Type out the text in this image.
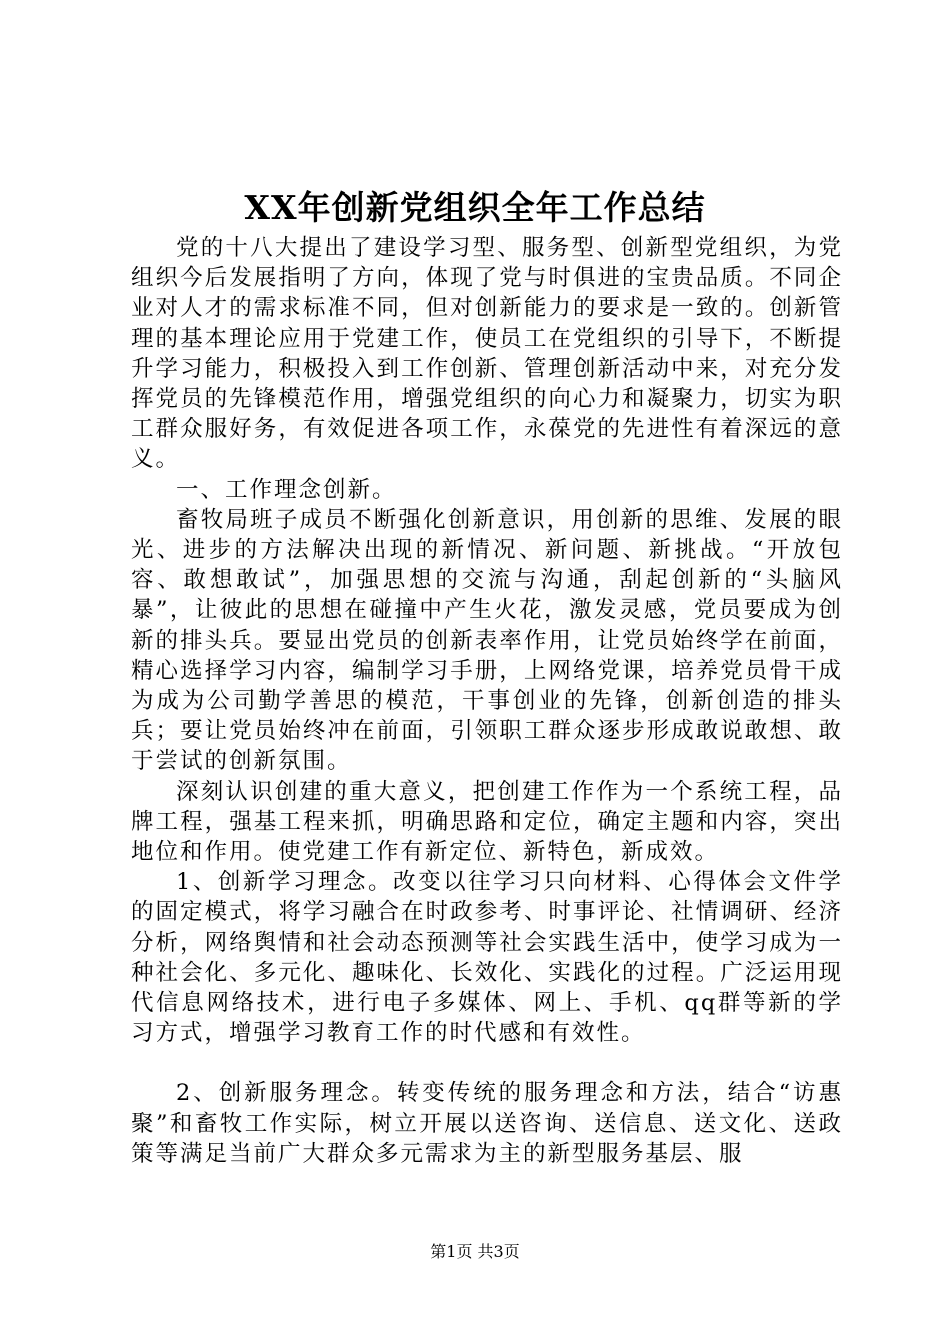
XX年创新党组织全年工作总结

党的十八大提出了建设学习型、服务型、创新型党组织，为党组织今后发展指明了方向，体现了党与时俱进的宝贵品质。不同企业对人才的需求标准不同，但对创新能力的要求是一致的。创新管理的基本理论应用于党建工作，使员工在党组织的引导下，不断提升学习能力，积极投入到工作创新、管理创新活动中来，对充分发挥党员的先锋模范作用，增强党组织的向心力和凝聚力，切实为职工群众服好务，有效促进各项工作，永葆党的先进性有着深远的意义。

一、工作理念创新。

畜牧局班子成员不断强化创新意识，用创新的思维、发展的眼光、进步的方法解决出现的新情况、新问题、新挑战。“开放包容、敢想敢试”，加强思想的交流与沟通，刮起创新的“头脑风暴”，让彼此的思想在碰撞中产生火花，激发灵感，党员要成为创新的排头兵。要显出党员的创新表率作用，让党员始终学在前面，精心选择学习内容，编制学习手册，上网络党课，培养党员骨干成为成为公司勤学善思的模范，干事创业的先锋，创新创造的排头兵；要让党员始终冲在前面，引领职工群众逐步形成敢说敢想、敢于尝试的创新氛围。

深刻认识创建的重大意义，把创建工作作为一个系统工程，品牌工程，强基工程来抓，明确思路和定位，确定主题和内容，突出地位和作用。使党建工作有新定位、新特色，新成效。

1、创新学习理念。改变以往学习只向材料、心得体会文件学的固定模式，将学习融合在时政参考、时事评论、社情调研、经济分析，网络舆情和社会动态预测等社会实践生活中，使学习成为一种社会化、多元化、趣味化、长效化、实践化的过程。广泛运用现代信息网络技术，进行电子多媒体、网上、手机、qq群等新的学习方式，增强学习教育工作的时代感和有效性。

2、创新服务理念。转变传统的服务理念和方法，结合“访惠聚”和畜牧工作实际，树立开展以送咨询、送信息、送文化、送政策等满足当前广大群众多元需求为主的新型服务基层、服

第1页 共3页
